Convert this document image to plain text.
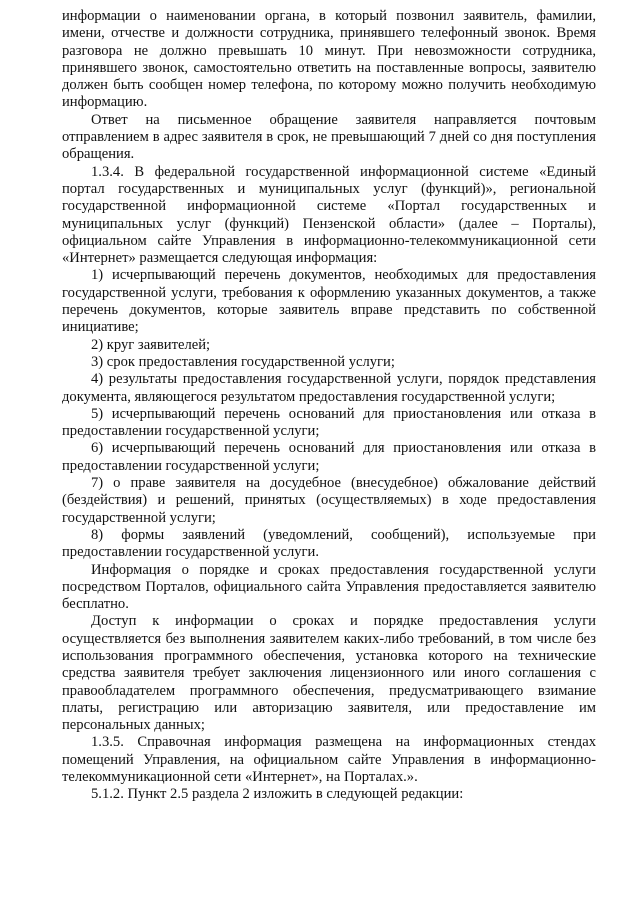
информации о наименовании органа, в который позвонил заявитель, фамилии, имени, отчестве и должности сотрудника, принявшего телефонный звонок. Время разговора не должно превышать 10 минут. При невозможности сотрудника, принявшего звонок, самостоятельно ответить на поставленные вопросы, заявителю должен быть сообщен номер телефона, по которому можно получить необходимую информацию.

Ответ на письменное обращение заявителя направляется почтовым отправлением в адрес заявителя в срок, не превышающий 7 дней со дня поступления обращения.

1.3.4. В федеральной государственной информационной системе «Единый портал государственных и муниципальных услуг (функций)», региональной государственной информационной системе «Портал государственных и муниципальных услуг (функций) Пензенской области» (далее – Порталы), официальном сайте Управления в информационно-телекоммуникационной сети «Интернет» размещается следующая информация:

1) исчерпывающий перечень документов, необходимых для предоставления государственной услуги, требования к оформлению указанных документов, а также перечень документов, которые заявитель вправе представить по собственной инициативе;

2) круг заявителей;

3) срок предоставления государственной услуги;

4) результаты предоставления государственной услуги, порядок представления документа, являющегося результатом предоставления государственной услуги;

5) исчерпывающий перечень оснований для приостановления или отказа в предоставлении государственной услуги;

6) исчерпывающий перечень оснований для приостановления или отказа в предоставлении государственной услуги;

7) о праве заявителя на досудебное (внесудебное) обжалование действий (бездействия) и решений, принятых (осуществляемых) в ходе предоставления государственной услуги;

8) формы заявлений (уведомлений, сообщений), используемые при предоставлении государственной услуги.

Информация о порядке и сроках предоставления государственной услуги посредством Порталов, официального сайта Управления предоставляется заявителю бесплатно.

Доступ к информации о сроках и порядке предоставления услуги осуществляется без выполнения заявителем каких-либо требований, в том числе без использования программного обеспечения, установка которого на технические средства заявителя требует заключения лицензионного или иного соглашения с правообладателем программного обеспечения, предусматривающего взимание платы, регистрацию или авторизацию заявителя, или предоставление им персональных данных;

1.3.5. Справочная информация размещена на информационных стендах помещений Управления, на официальном сайте Управления в информационно-телекоммуникационной сети «Интернет», на Порталах.».

5.1.2. Пункт 2.5 раздела 2 изложить в следующей редакции:
